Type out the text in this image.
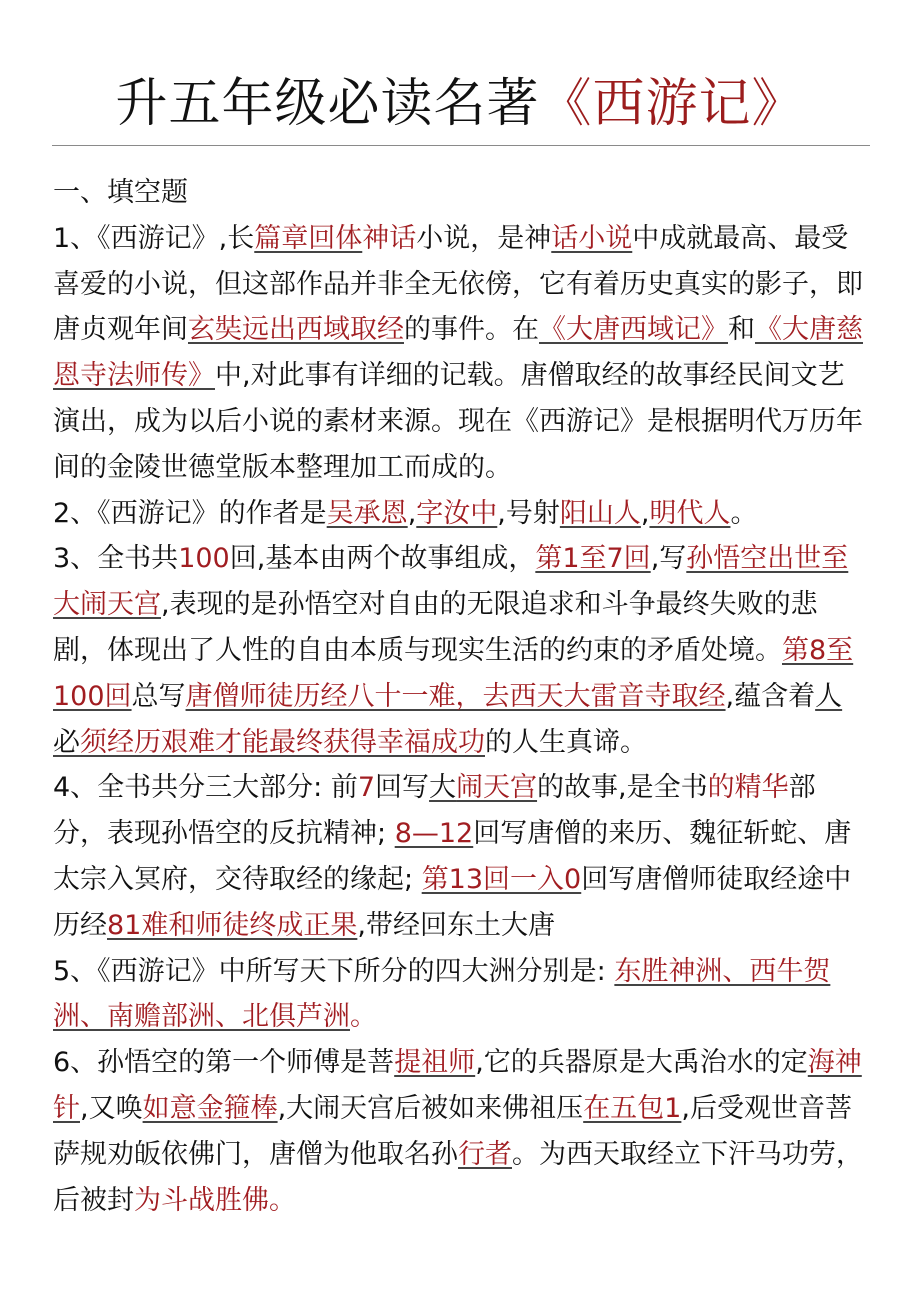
升五年级必读名著《西游记》

一、填空题

1、《西游记》,长篇章回体神话小说，是神话小说中成就最高、最受喜爱的小说，但这部作品并非全无依傍，它有着历史真实的影子，即唐贞观年间玄奘远出西域取经的事件。在《大唐西域记》和《大唐慈恩寺法师传》中,对此事有详细的记载。唐僧取经的故事经民间文艺演出，成为以后小说的素材来源。现在《西游记》是根据明代万历年间的金陵世德堂版本整理加工而成的。

2、《西游记》的作者是吴承恩,字汝中,号射阳山人,明代人。

3、全书共100回,基本由两个故事组成，第1至7回,写孙悟空出世至大闹天宫,表现的是孙悟空对自由的无限追求和斗争最终失败的悲剧，体现出了人性的自由本质与现实生活的约束的矛盾处境。第8至100回总写唐僧师徒历经八十一难，去西天大雷音寺取经,蕴含着人必须经历艰难才能最终获得幸福成功的人生真谛。

4、全书共分三大部分: 前7回写大闹天宫的故事,是全书的精华部分，表现孙悟空的反抗精神; 8—12回写唐僧的来历、魏征斩蛇、唐太宗入冥府，交待取经的缘起; 第13回一入0回写唐僧师徒取经途中历经81难和师徒终成正果,带经回东土大唐

5、《西游记》中所写天下所分的四大洲分别是: 东胜神洲、西牛贺洲、南赡部洲、北俱芦洲。

6、孙悟空的第一个师傅是菩提祖师,它的兵器原是大禹治水的定海神针,又唤如意金箍棒,大闹天宫后被如来佛祖压在五包1,后受观世音菩萨规劝皈依佛门，唐僧为他取名孙行者。为西天取经立下汗马功劳，后被封为斗战胜佛。
